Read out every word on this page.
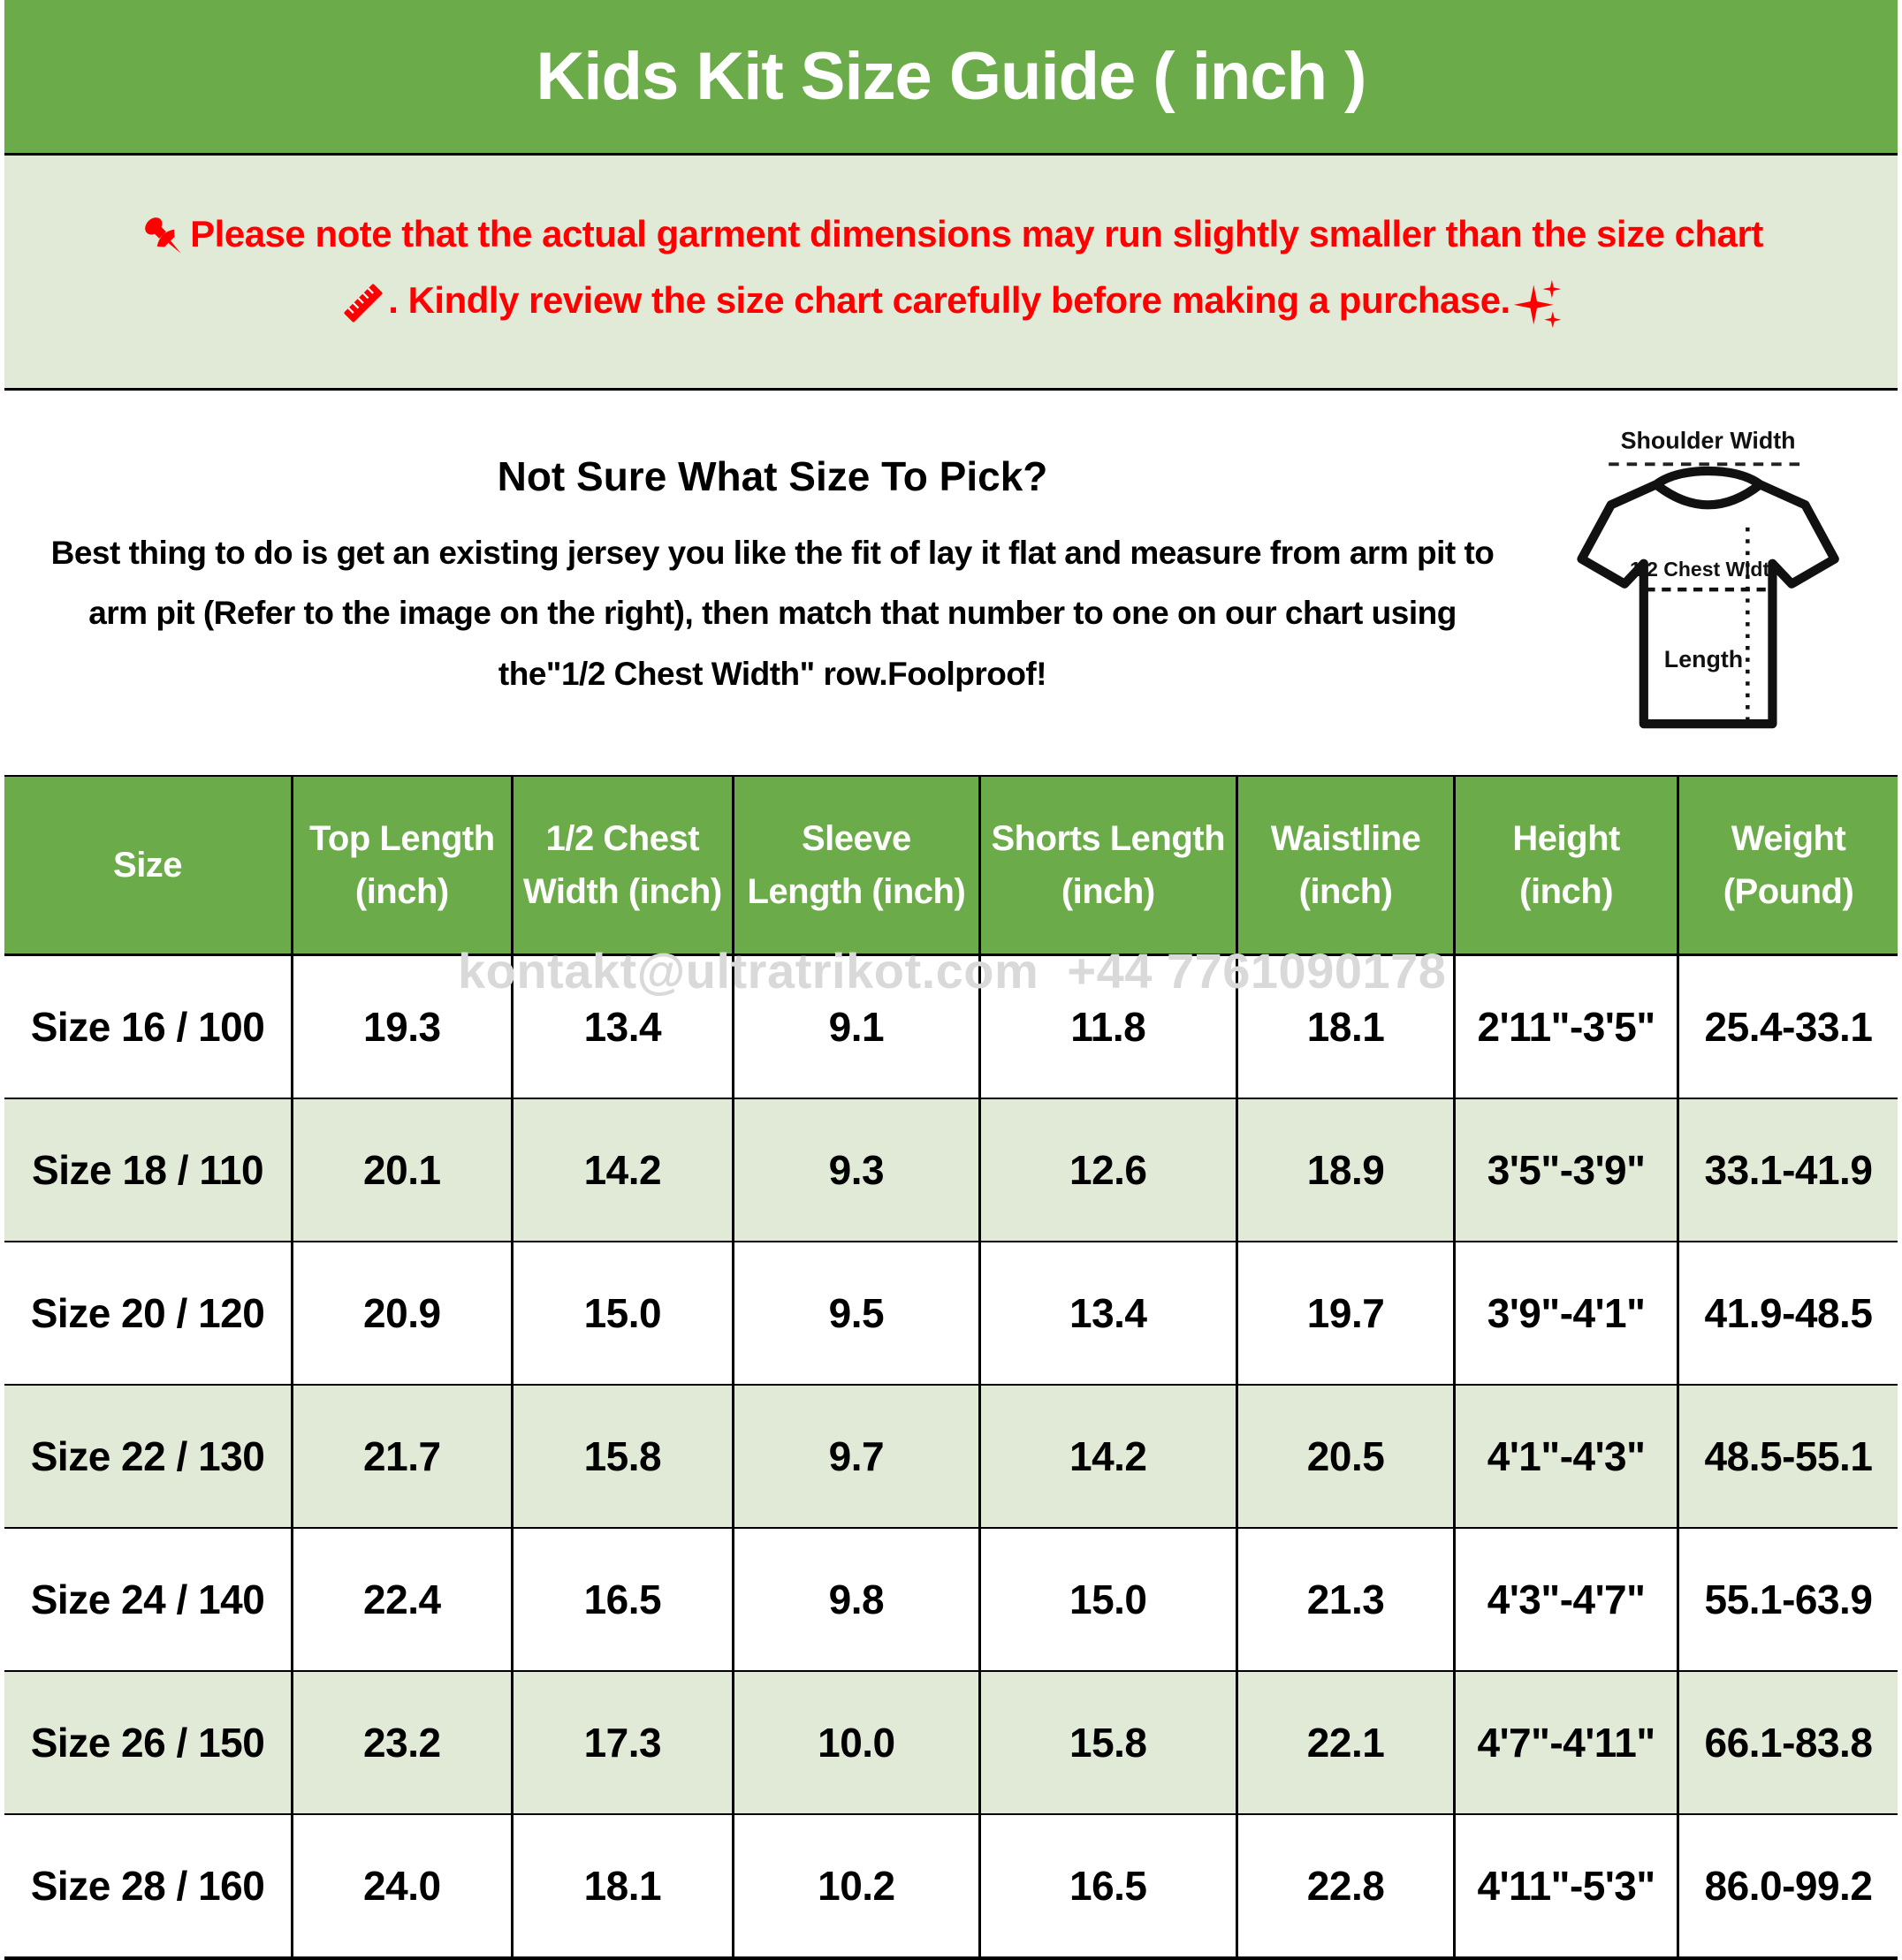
Kids Kit Size Guide ( inch )
Please note that the actual garment dimensions may run slightly smaller than the size chart
. Kindly review the size chart carefully before making a purchase.
Not Sure What Size To Pick?

Best thing to do is get an existing jersey you like the fit of lay it flat and measure from arm pit to arm pit (Refer to the image on the right), then match that number to one on our chart using the"1/2 Chest Width" row.Foolproof!

Shoulder Width
1/2 Chest Width
Length
Size	Top Length (inch)	1/2 Chest Width (inch)	Sleeve Length (inch)	Shorts Length (inch)	Waistline (inch)	Height (inch)	Weight (Pound)
Size 16 / 100	19.3	13.4	9.1	11.8	18.1	2'11"-3'5"	25.4-33.1
Size 18 / 110	20.1	14.2	9.3	12.6	18.9	3'5"-3'9"	33.1-41.9
Size 20 / 120	20.9	15.0	9.5	13.4	19.7	3'9"-4'1"	41.9-48.5
Size 22 / 130	21.7	15.8	9.7	14.2	20.5	4'1"-4'3"	48.5-55.1
Size 24 / 140	22.4	16.5	9.8	15.0	21.3	4'3"-4'7"	55.1-63.9
Size 26 / 150	23.2	17.3	10.0	15.8	22.1	4'7"-4'11"	66.1-83.8
Size 28 / 160	24.0	18.1	10.2	16.5	22.8	4'11"-5'3"	86.0-99.2
kontakt@ultratrikot.com  +44 7761090178
